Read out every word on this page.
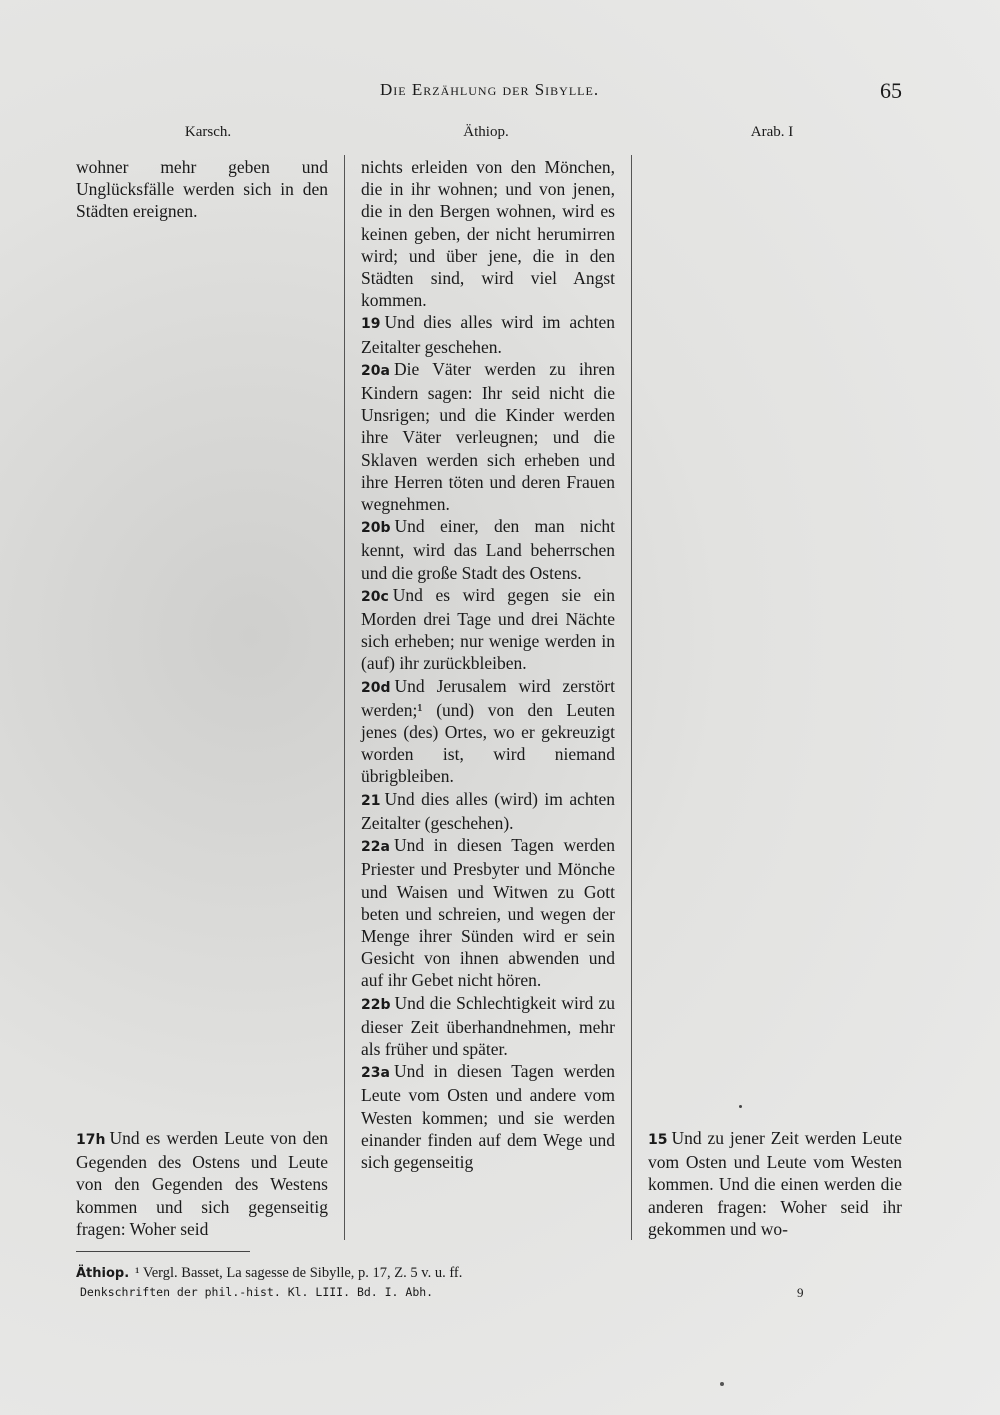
Die Erzählung der Sibylle.	65
Karsch.	Äthiop.	Arab. I

wohner mehr geben und Unglücksfälle werden sich in den Städten ereignen.

17h Und es werden Leute von den Gegenden des Ostens und Leute von den Gegenden des Westens kommen und sich gegenseitig fragen: Woher seid

nichts erleiden von den Mönchen, die in ihr wohnen; und von jenen, die in den Bergen wohnen, wird es keinen geben, der nicht herumirren wird; und über jene, die in den Städten sind, wird viel Angst kommen.

19 Und dies alles wird im achten Zeitalter geschehen.

20a Die Väter werden zu ihren Kindern sagen: Ihr seid nicht die Unsrigen; und die Kinder werden ihre Väter verleugnen; und die Sklaven werden sich erheben und ihre Herren töten und deren Frauen wegnehmen.

20b Und einer, den man nicht kennt, wird das Land beherrschen und die große Stadt des Ostens.

20c Und es wird gegen sie ein Morden drei Tage und drei Nächte sich erheben; nur wenige werden in (auf) ihr zurückbleiben.

20d Und Jerusalem wird zerstört werden;¹ (und) von den Leuten jenes (des) Ortes, wo er gekreuzigt worden ist, wird niemand übrigbleiben.

21 Und dies alles (wird) im achten Zeitalter (geschehen).

22a Und in diesen Tagen werden Priester und Presbyter und Mönche und Waisen und Witwen zu Gott beten und schreien, und wegen der Menge ihrer Sünden wird er sein Gesicht von ihnen abwenden und auf ihr Gebet nicht hören.

22b Und die Schlechtigkeit wird zu dieser Zeit überhandnehmen, mehr als früher und später.

23a Und in diesen Tagen werden Leute vom Osten und andere vom Westen kommen; und sie werden einander finden auf dem Wege und sich gegenseitig

15 Und zu jener Zeit werden Leute vom Osten und Leute vom Westen kommen. Und die einen werden die anderen fragen: Woher seid ihr gekommen und wo-

Äthiop. ¹ Vergl. Basset, La sagesse de Sibylle, p. 17, Z. 5 v. u. ff.
Denkschriften der phil.-hist. Kl. LIII. Bd. I. Abh.	9
